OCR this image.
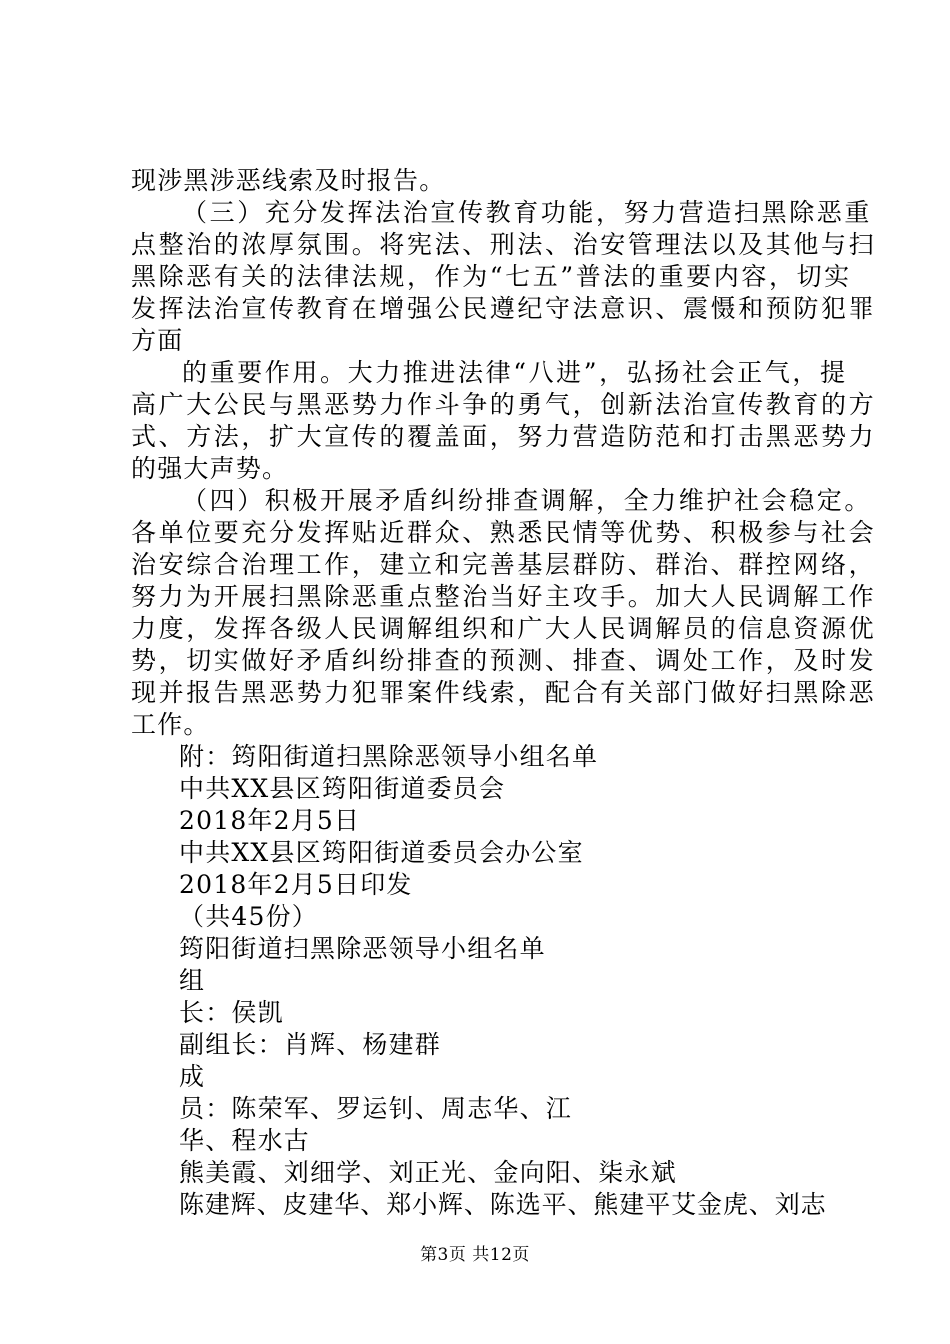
现涉黑涉恶线索及时报告。
（三）充分发挥法治宣传教育功能，努力营造扫黑除恶重
点整治的浓厚氛围。将宪法、刑法、治安管理法以及其他与扫
黑除恶有关的法律法规，作为“七五”普法的重要内容，切实
发挥法治宣传教育在增强公民遵纪守法意识、震慑和预防犯罪
方面
的重要作用。大力推进法律“八进”，弘扬社会正气，提
高广大公民与黑恶势力作斗争的勇气，创新法治宣传教育的方
式、方法，扩大宣传的覆盖面，努力营造防范和打击黑恶势力
的强大声势。
（四）积极开展矛盾纠纷排查调解，全力维护社会稳定。
各单位要充分发挥贴近群众、熟悉民情等优势、积极参与社会
治安综合治理工作，建立和完善基层群防、群治、群控网络，
努力为开展扫黑除恶重点整治当好主攻手。加大人民调解工作
力度，发挥各级人民调解组织和广大人民调解员的信息资源优
势，切实做好矛盾纠纷排查的预测、排查、调处工作，及时发
现并报告黑恶势力犯罪案件线索，配合有关部门做好扫黑除恶
工作。
附：筠阳街道扫黑除恶领导小组名单
中共XX县区筠阳街道委员会
2018年2月5日
中共XX县区筠阳街道委员会办公室
2018年2月5日印发
（共45份）
筠阳街道扫黑除恶领导小组名单
组
长：侯凯
副组长：肖辉、杨建群
成
员：陈荣军、罗运钊、周志华、江
华、程水古
熊美霞、刘细学、刘正光、金向阳、柒永斌
陈建辉、皮建华、郑小辉、陈选平、熊建平艾金虎、刘志
第3页 共12页
